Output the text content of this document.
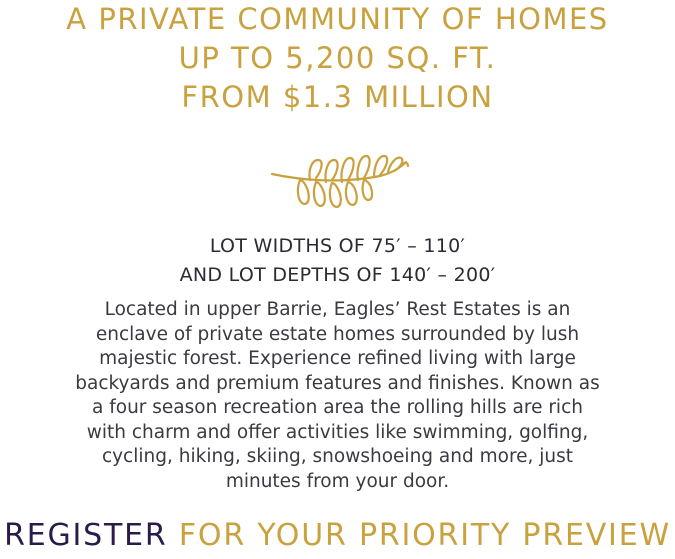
A PRIVATE COMMUNITY OF HOMES
UP TO 5,200 SQ. FT.
FROM $1.3 MILLION
LOT WIDTHS OF 75′ – 110′
AND LOT DEPTHS OF 140′ – 200′

Located in upper Barrie, Eagles’ Rest Estates is an
enclave of private estate homes surrounded by lush
majestic forest. Experience refined living with large
backyards and premium features and finishes. Known as
a four season recreation area the rolling hills are rich
with charm and offer activities like swimming, golfing,
cycling, hiking, skiing, snowshoeing and more, just
minutes from your door.

REGISTER FOR YOUR PRIORITY PREVIEW
